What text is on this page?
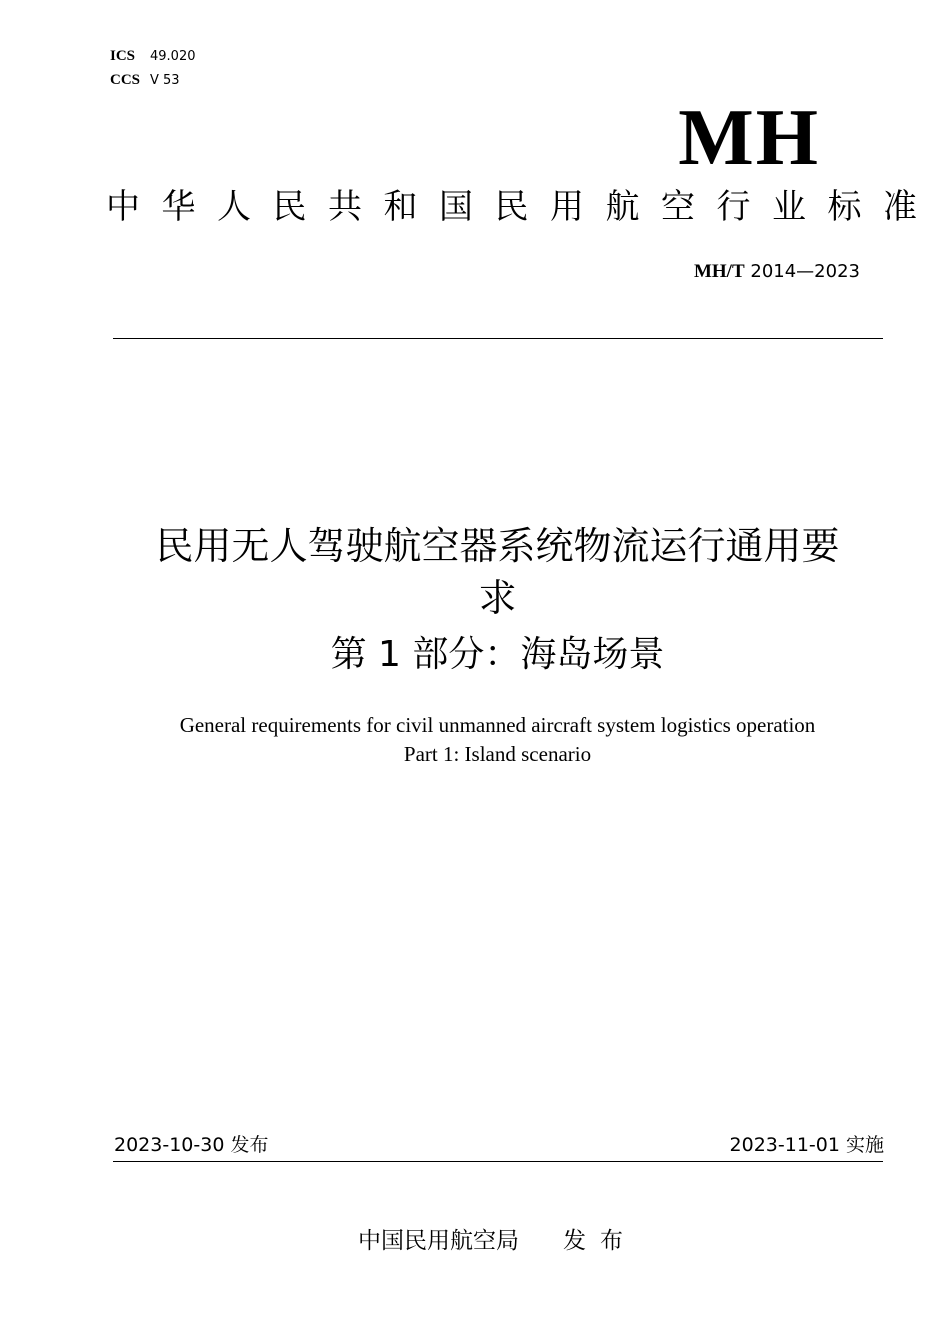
ICS 49.020
CCS V 53
MH
中华人民共和国民用航空行业标准
MH/T 2014—2023
民用无人驾驶航空器系统物流运行通用要
求
第 1 部分：海岛场景
General requirements for civil unmanned aircraft system logistics operation
Part 1: Island scenario
2023-10-30 发布	2023-11-01 实施
中国民用航空局 发布
